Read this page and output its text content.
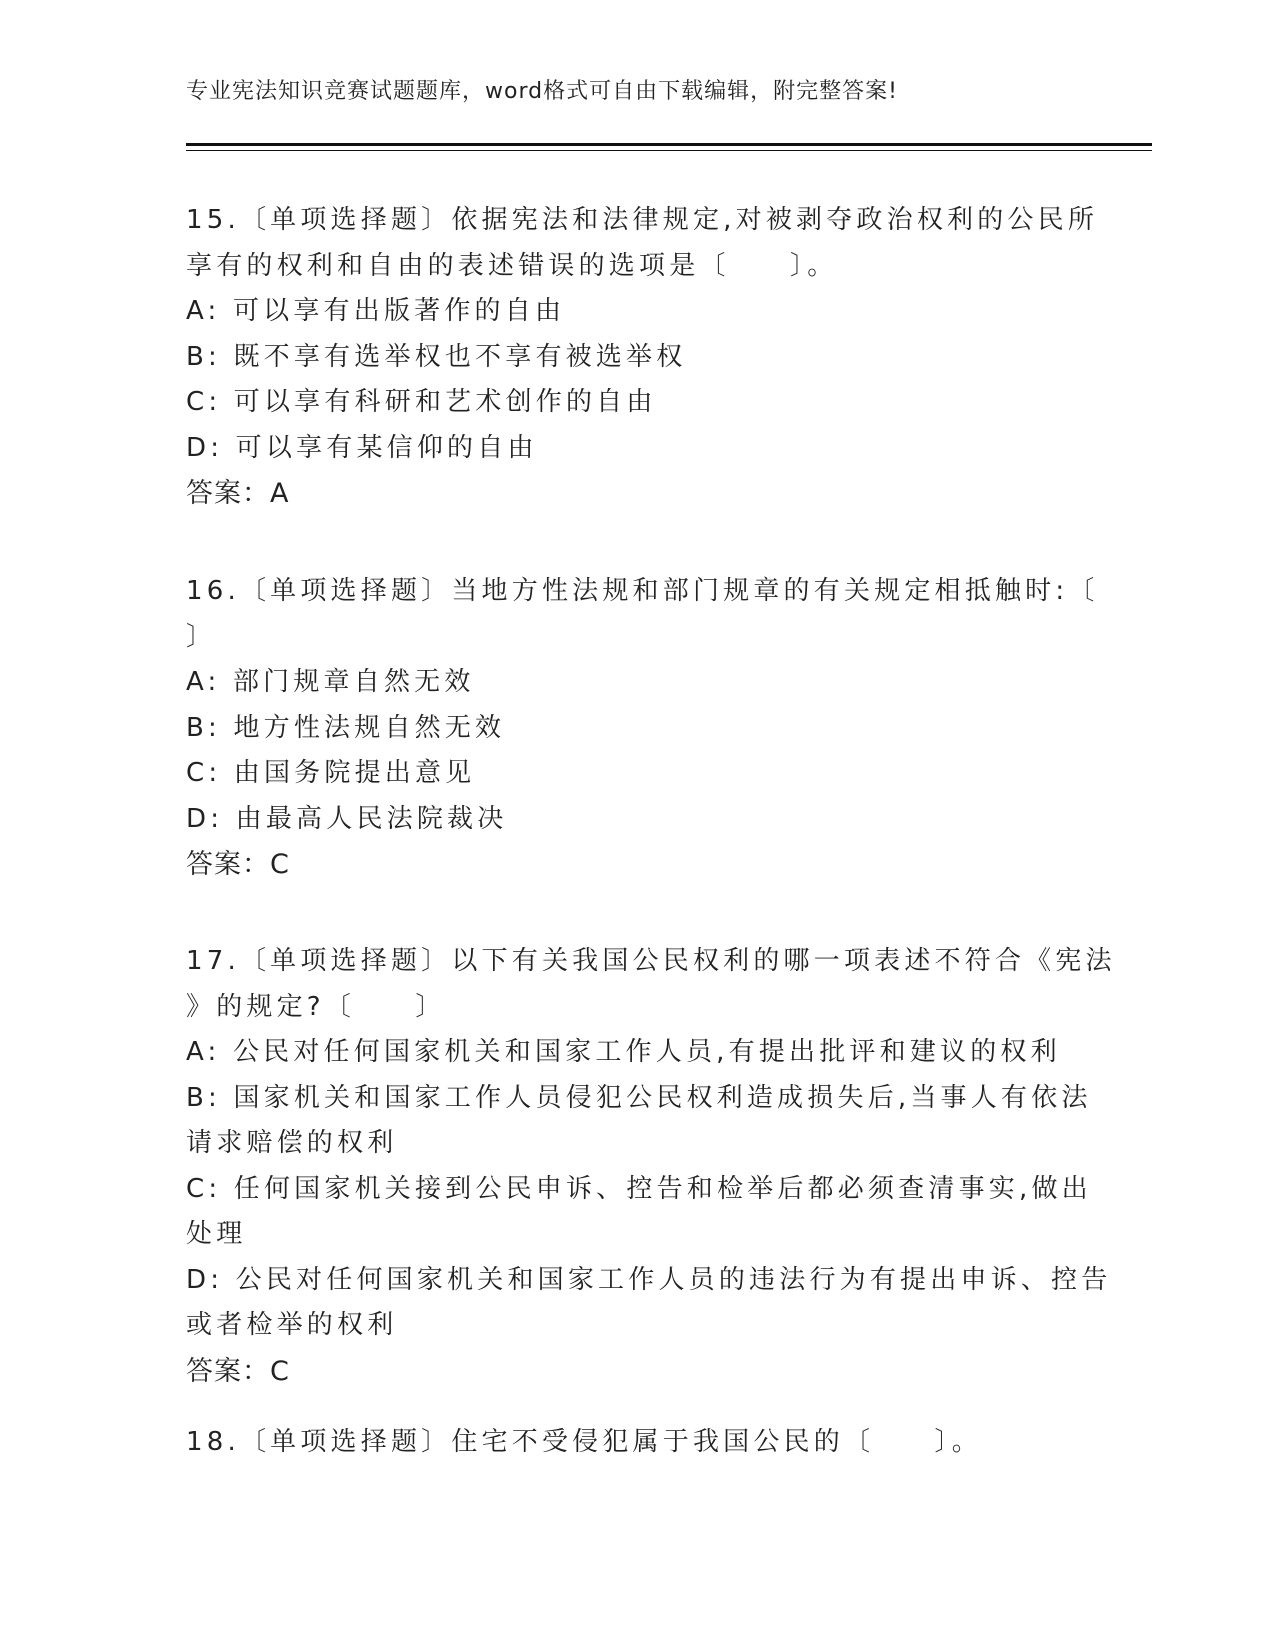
专业宪法知识竞赛试题题库，word格式可自由下载编辑，附完整答案!
15.〔单项选择题〕依据宪法和法律规定,对被剥夺政治权利的公民所
享有的权利和自由的表述错误的选项是〔　　〕。
A: 可以享有出版著作的自由
B: 既不享有选举权也不享有被选举权
C: 可以享有科研和艺术创作的自由
D: 可以享有某信仰的自由
答案：A
16.〔单项选择题〕当地方性法规和部门规章的有关规定相抵触时:〔
〕
A: 部门规章自然无效
B: 地方性法规自然无效
C: 由国务院提出意见
D: 由最高人民法院裁决
答案：C
17.〔单项选择题〕以下有关我国公民权利的哪一项表述不符合《宪法
》的规定?〔　　〕
A: 公民对任何国家机关和国家工作人员,有提出批评和建议的权利
B: 国家机关和国家工作人员侵犯公民权利造成损失后,当事人有依法
请求赔偿的权利
C: 任何国家机关接到公民申诉、控告和检举后都必须查清事实,做出
处理
D: 公民对任何国家机关和国家工作人员的违法行为有提出申诉、控告
或者检举的权利
答案：C
18.〔单项选择题〕住宅不受侵犯属于我国公民的〔　　〕。
